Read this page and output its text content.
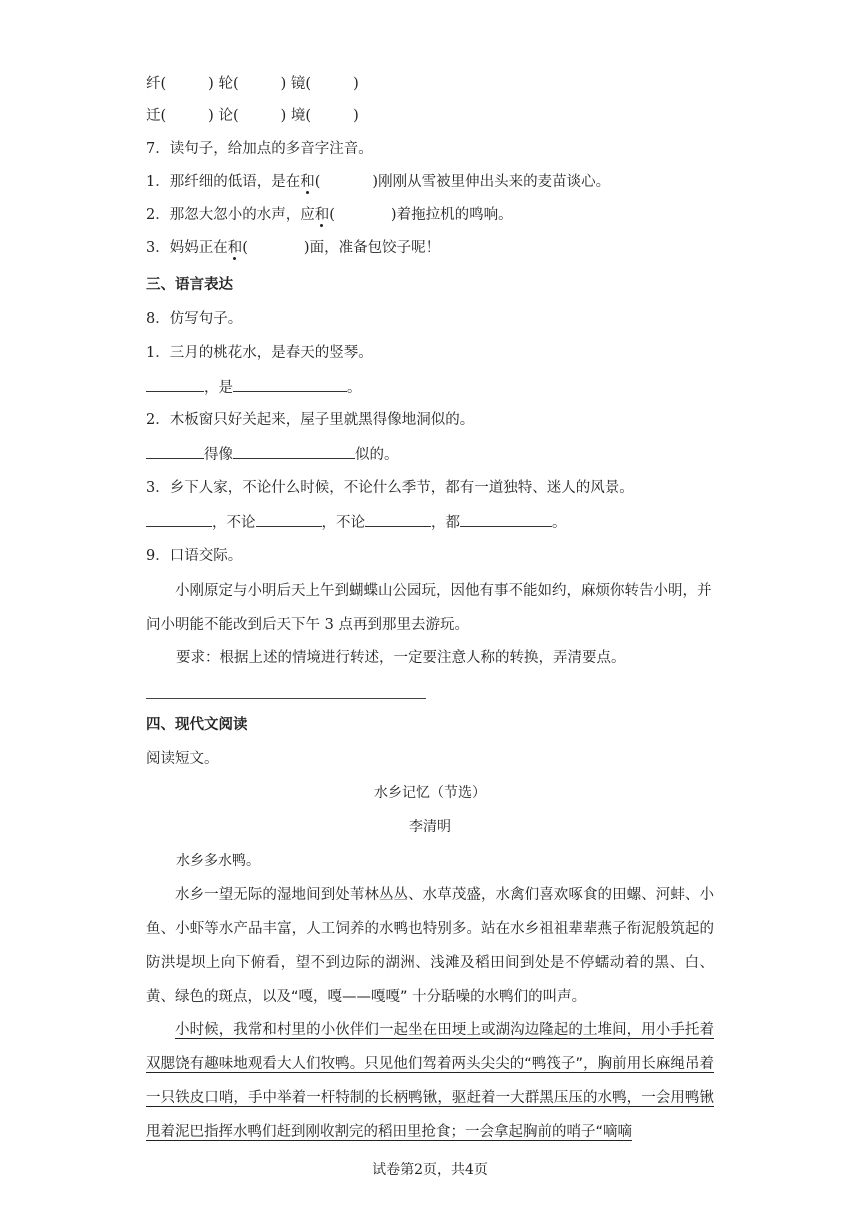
纤(	) 轮(	) 镜(	)
迁(	) 论(	) 境(	)
7．读句子，给加点的多音字注音。
1．那纤细的低语，是在和(	)刚刚从雪被里伸出头来的麦苗谈心。
2．那忽大忽小的水声，应和(	)着拖拉机的鸣响。
3．妈妈正在和(	)面，准备包饺子呢！
三、语言表达
8．仿写句子。
1．三月的桃花水，是春天的竖琴。
，是	。
2．木板窗只好关起来，屋子里就黑得像地洞似的。
得像	似的。
3．乡下人家，不论什么时候，不论什么季节，都有一道独特、迷人的风景。
，不论	，不论	，都	。
9．口语交际。
小刚原定与小明后天上午到蝴蝶山公园玩，因他有事不能如约，麻烦你转告小明，并问小明能不能改到后天下午 3 点再到那里去游玩。
要求：根据上述的情境进行转述，一定要注意人称的转换，弄清要点。
四、现代文阅读
阅读短文。
水乡记忆（节选）
李清明
水乡多水鸭。
水乡一望无际的湿地间到处苇林丛丛、水草茂盛，水禽们喜欢啄食的田螺、河蚌、小鱼、小虾等水产品丰富，人工饲养的水鸭也特别多。站在水乡祖祖辈辈燕子衔泥般筑起的防洪堤坝上向下俯看，望不到边际的湖洲、浅滩及稻田间到处是不停蠕动着的黑、白、黄、绿色的斑点，以及“嘎，嘎——嘎嘎” 十分聒噪的水鸭们的叫声。
小时候，我常和村里的小伙伴们一起坐在田埂上或湖沟边隆起的土堆间，用小手托着双腮饶有趣味地观看大人们牧鸭。只见他们驾着两头尖尖的“鸭筏子”，胸前用长麻绳吊着一只铁皮口哨，手中举着一杆特制的长柄鸭锹，驱赶着一大群黑压压的水鸭，一会用鸭锹甩着泥巴指挥水鸭们赶到刚收割完的稻田里抢食；一会拿起胸前的哨子“嘀嘀
试卷第2页，共4页
